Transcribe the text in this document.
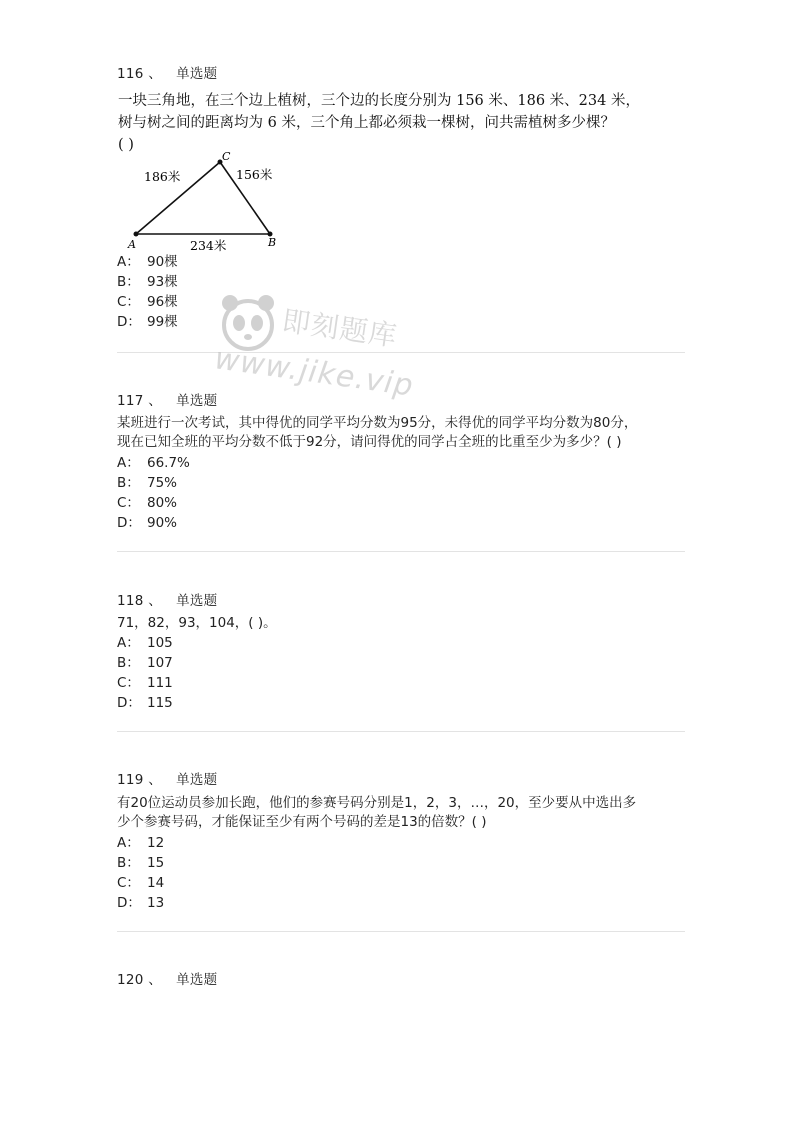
116 、 单选题
一块三角地，在三个边上植树，三个边的长度分别为 156 米、186 米、234 米，
树与树之间的距离均为 6 米，三个角上都必须栽一棵树，问共需植树多少棵？
( )
A	B
C
186米	156米
234米
A： 90棵
B： 93棵
C： 96棵
D： 99棵	即刻题库
www.jike.vip
117 、 单选题
某班进行一次考试，其中得优的同学平均分数为95分，未得优的同学平均分数为80分，
现在已知全班的平均分数不低于92分，请问得优的同学占全班的比重至少为多少？( )
A： 66.7%
B： 75%
C： 80%
D： 90%
118 、 单选题
71，82，93，104，( )。
A： 105
B： 107
C： 111
D： 115
119 、 单选题
有20位运动员参加长跑，他们的参赛号码分别是1，2，3，…，20，至少要从中选出多
少个参赛号码，才能保证至少有两个号码的差是13的倍数？( )
A： 12
B： 15
C： 14
D： 13
120 、 单选题
